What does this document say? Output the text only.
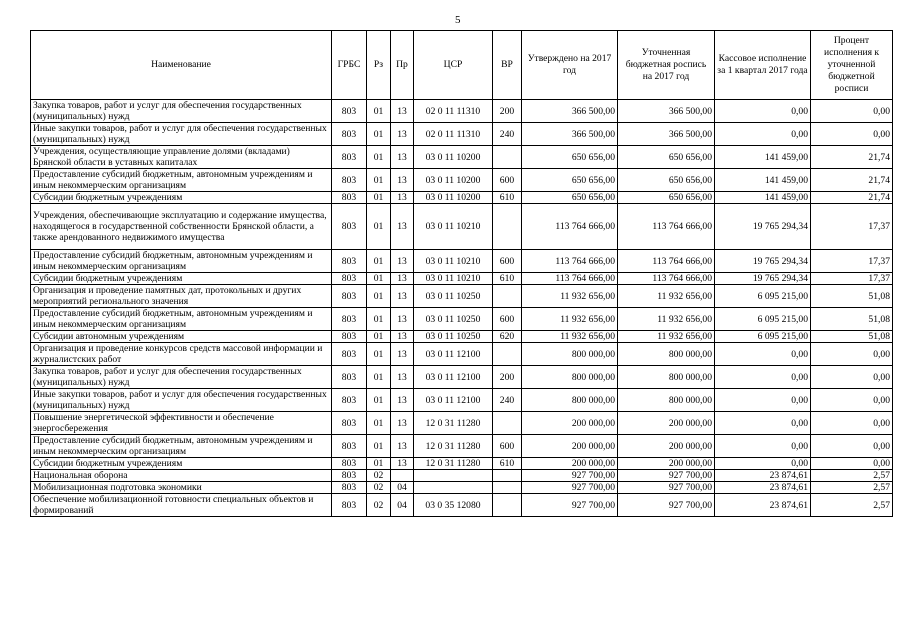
5
Наименование	ГРБС	Рз	Пр	ЦСР	ВР	Утверждено на 2017 год	Уточненная бюджетная роспись на 2017 год	Кассовое исполнение за 1 квартал 2017 года	Процент исполнения к уточненной бюджетной росписи
Закупка товаров, работ и услуг для обеспечения государственных (муниципальных) нужд	803	01	13	02 0 11 11310	200	366 500,00	366 500,00	0,00	0,00
Иные закупки товаров, работ и услуг для обеспечения государственных (муниципальных) нужд	803	01	13	02 0 11 11310	240	366 500,00	366 500,00	0,00	0,00
Учреждения, осуществляющие управление долями (вкладами) Брянской области в уставных капиталах	803	01	13	03 0 11 10200		650 656,00	650 656,00	141 459,00	21,74
Предоставление субсидий бюджетным, автономным учреждениям и иным некоммерческим организациям	803	01	13	03 0 11 10200	600	650 656,00	650 656,00	141 459,00	21,74
Субсидии бюджетным учреждениям	803	01	13	03 0 11 10200	610	650 656,00	650 656,00	141 459,00	21,74
Учреждения, обеспечивающие эксплуатацию и содержание имущества, находящегося в государственной собственности Брянской области, а также арендованного недвижимого имущества	803	01	13	03 0 11 10210		113 764 666,00	113 764 666,00	19 765 294,34	17,37
Предоставление субсидий бюджетным, автономным учреждениям и иным некоммерческим организациям	803	01	13	03 0 11 10210	600	113 764 666,00	113 764 666,00	19 765 294,34	17,37
Субсидии бюджетным учреждениям	803	01	13	03 0 11 10210	610	113 764 666,00	113 764 666,00	19 765 294,34	17,37
Организация и проведение памятных дат, протокольных и других мероприятий регионального значения	803	01	13	03 0 11 10250		11 932 656,00	11 932 656,00	6 095 215,00	51,08
Предоставление субсидий бюджетным, автономным учреждениям и иным некоммерческим организациям	803	01	13	03 0 11 10250	600	11 932 656,00	11 932 656,00	6 095 215,00	51,08
Субсидии автономным учреждениям	803	01	13	03 0 11 10250	620	11 932 656,00	11 932 656,00	6 095 215,00	51,08
Организация и проведение конкурсов средств массовой информации и журналистских работ	803	01	13	03 0 11 12100		800 000,00	800 000,00	0,00	0,00
Закупка товаров, работ и услуг для обеспечения государственных (муниципальных) нужд	803	01	13	03 0 11 12100	200	800 000,00	800 000,00	0,00	0,00
Иные закупки товаров, работ и услуг для обеспечения государственных (муниципальных) нужд	803	01	13	03 0 11 12100	240	800 000,00	800 000,00	0,00	0,00
Повышение энергетической эффективности и обеспечение энергосбережения	803	01	13	12 0 31 11280		200 000,00	200 000,00	0,00	0,00
Предоставление субсидий бюджетным, автономным учреждениям и иным некоммерческим организациям	803	01	13	12 0 31 11280	600	200 000,00	200 000,00	0,00	0,00
Субсидии бюджетным учреждениям	803	01	13	12 0 31 11280	610	200 000,00	200 000,00	0,00	0,00
Национальная оборона	803	02				927 700,00	927 700,00	23 874,61	2,57
Мобилизационная подготовка экономики	803	02	04			927 700,00	927 700,00	23 874,61	2,57
Обеспечение мобилизационной готовности специальных объектов и формирований	803	02	04	03 0 35 12080		927 700,00	927 700,00	23 874,61	2,57
